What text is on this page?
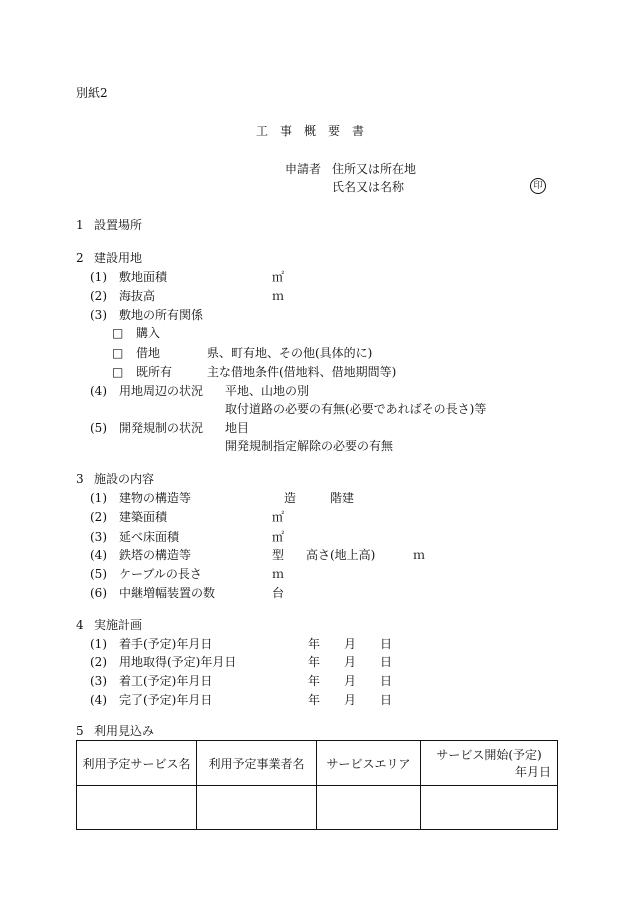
別紙2
工　事　概　要　書
申請者 住所又は所在地
氏名又は名称	印
1 設置場所
2 建設用地
(1) 敷地面積	㎡
(2) 海抜高	ｍ
(3) 敷地の所有関係
□ 購入
□ 借地	県、町有地、その他(具体的に)
□ 既所有	主な借地条件(借地料、借地期間等)
(4) 用地周辺の状況 平地、山地の別
取付道路の必要の有無(必要であればその長さ)等
(5) 開発規制の状況 地目
開発規制指定解除の必要の有無
3 施設の内容
(1) 建物の構造等	造	階建
(2) 建築面積	㎡
(3) 延べ床面積	㎡
(4) 鉄塔の構造等	型 高さ(地上高)	ｍ
(5) ケーブルの長さ	ｍ
(6) 中継増幅装置の数	台
4 実施計画
(1) 着手(予定)年月日	年 月 日
(2) 用地取得(予定)年月日	年 月 日
(3) 着工(予定)年月日	年 月 日
(4) 完了(予定)年月日	年 月 日
5 利用見込み
利用予定サービス名	利用予定事業者名	サービスエリア	サービス開始(予定)
年月日
